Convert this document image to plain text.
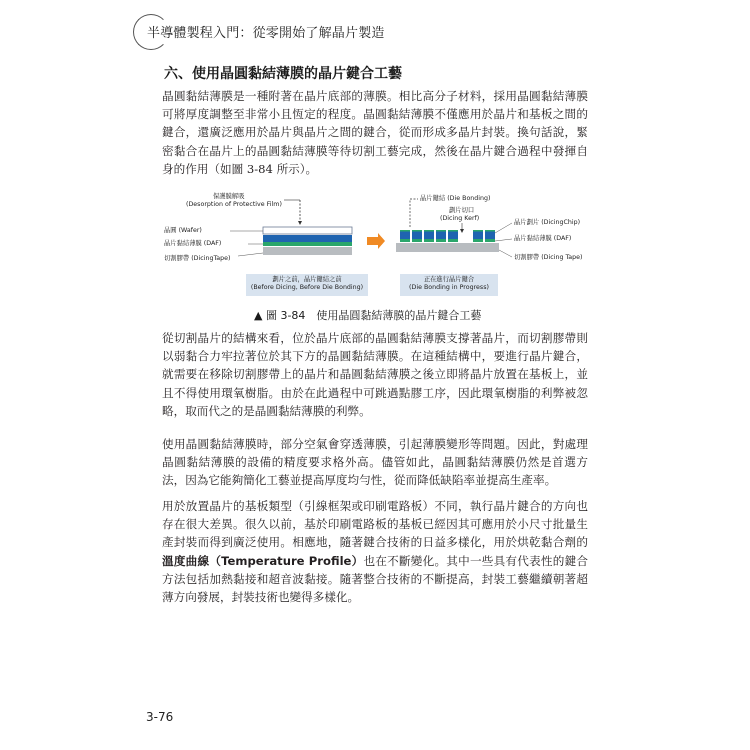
半導體製程入門：從零開始了解晶片製造
六、使用晶圓黏結薄膜的晶片鍵合工藝
晶圓黏結薄膜是一種附著在晶片底部的薄膜。相比高分子材料，採用晶圓黏結薄膜可將厚度調整至非常小且恆定的程度。晶圓黏結薄膜不僅應用於晶片和基板之間的鍵合，還廣泛應用於晶片與晶片之間的鍵合，從而形成多晶片封裝。換句話說，緊密黏合在晶片上的晶圓黏結薄膜等待切割工藝完成，然後在晶片鍵合過程中發揮自身的作用（如圖 3-84 所示）。
保護膜解吸
(Desorption of Protective Film)
晶圓 (Wafer)
晶片黏結薄膜 (DAF)
切割膠帶 (DicingTape)
晶片鍵結 (Die Bonding)
劃片切口
(Dicing Kerf)
晶片劃片 (DicingChip)
晶片黏結薄膜 (DAF)
切割膠帶 (Dicing Tape)
劃片之前，晶片鍵結之前
(Before Dicing, Before Die Bonding)
正在進行晶片鍵合
(Die Bonding in Progress)
▲ 圖 3-84　使用晶圓黏結薄膜的晶片鍵合工藝
從切割晶片的結構來看，位於晶片底部的晶圓黏結薄膜支撐著晶片，而切割膠帶則以弱黏合力牢拉著位於其下方的晶圓黏結薄膜。在這種結構中，要進行晶片鍵合，就需要在移除切割膠帶上的晶片和晶圓黏結薄膜之後立即將晶片放置在基板上，並且不得使用環氧樹脂。由於在此過程中可跳過點膠工序，因此環氧樹脂的利弊被忽略，取而代之的是晶圓黏結薄膜的利弊。
使用晶圓黏結薄膜時，部分空氣會穿透薄膜，引起薄膜變形等問題。因此，對處理晶圓黏結薄膜的設備的精度要求格外高。儘管如此，晶圓黏結薄膜仍然是首選方法，因為它能夠簡化工藝並提高厚度均勻性，從而降低缺陷率並提高生產率。
用於放置晶片的基板類型（引線框架或印刷電路板）不同，執行晶片鍵合的方向也存在很大差異。很久以前，基於印刷電路板的基板已經因其可應用於小尺寸批量生產封裝而得到廣泛使用。相應地，隨著鍵合技術的日益多樣化，用於烘乾黏合劑的溫度曲線（Temperature Profile）也在不斷變化。其中一些具有代表性的鍵合方法包括加熱黏接和超音波黏接。隨著整合技術的不斷提高，封裝工藝繼續朝著超薄方向發展，封裝技術也變得多樣化。
3-76
